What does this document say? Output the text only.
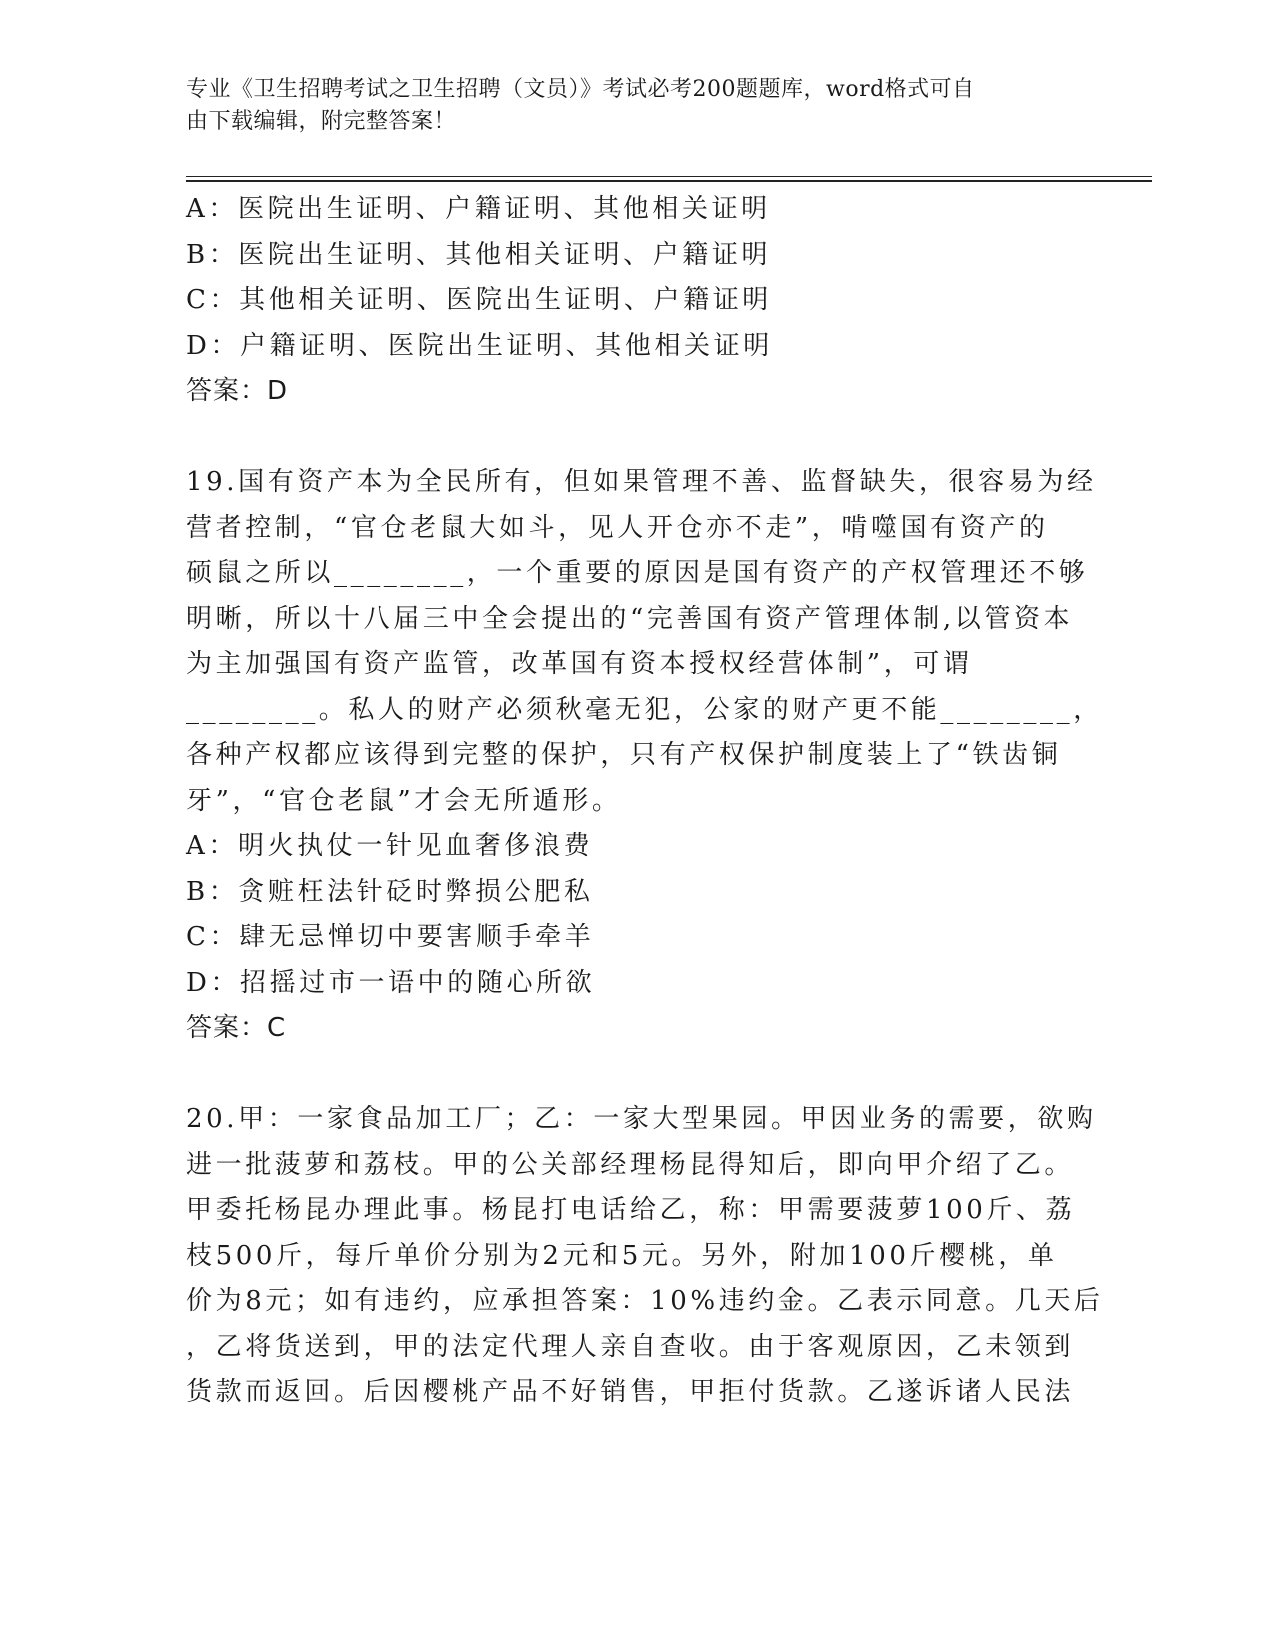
专业《卫生招聘考试之卫生招聘（文员）》考试必考200题题库，word格式可自
由下载编辑，附完整答案！
A：医院出生证明、户籍证明、其他相关证明
B：医院出生证明、其他相关证明、户籍证明
C：其他相关证明、医院出生证明、户籍证明
D：户籍证明、医院出生证明、其他相关证明
答案：D
19.国有资产本为全民所有，但如果管理不善、监督缺失，很容易为经
营者控制，“官仓老鼠大如斗，见人开仓亦不走”，啃噬国有资产的
硕鼠之所以________，一个重要的原因是国有资产的产权管理还不够
明晰，所以十八届三中全会提出的“完善国有资产管理体制,以管资本
为主加强国有资产监管，改革国有资本授权经营体制”，可谓
________。私人的财产必须秋毫无犯，公家的财产更不能________，
各种产权都应该得到完整的保护，只有产权保护制度装上了“铁齿铜
牙”，“官仓老鼠”才会无所遁形。
A：明火执仗一针见血奢侈浪费
B：贪赃枉法针砭时弊损公肥私
C：肆无忌惮切中要害顺手牵羊
D：招摇过市一语中的随心所欲
答案：C
20.甲：一家食品加工厂；乙：一家大型果园。甲因业务的需要，欲购
进一批菠萝和荔枝。甲的公关部经理杨昆得知后，即向甲介绍了乙。
甲委托杨昆办理此事。杨昆打电话给乙，称：甲需要菠萝100斤、荔
枝500斤，每斤单价分别为2元和5元。另外，附加100斤樱桃，单
价为8元；如有违约，应承担答案：10%违约金。乙表示同意。几天后
，乙将货送到，甲的法定代理人亲自查收。由于客观原因，乙未领到
货款而返回。后因樱桃产品不好销售，甲拒付货款。乙遂诉诸人民法
